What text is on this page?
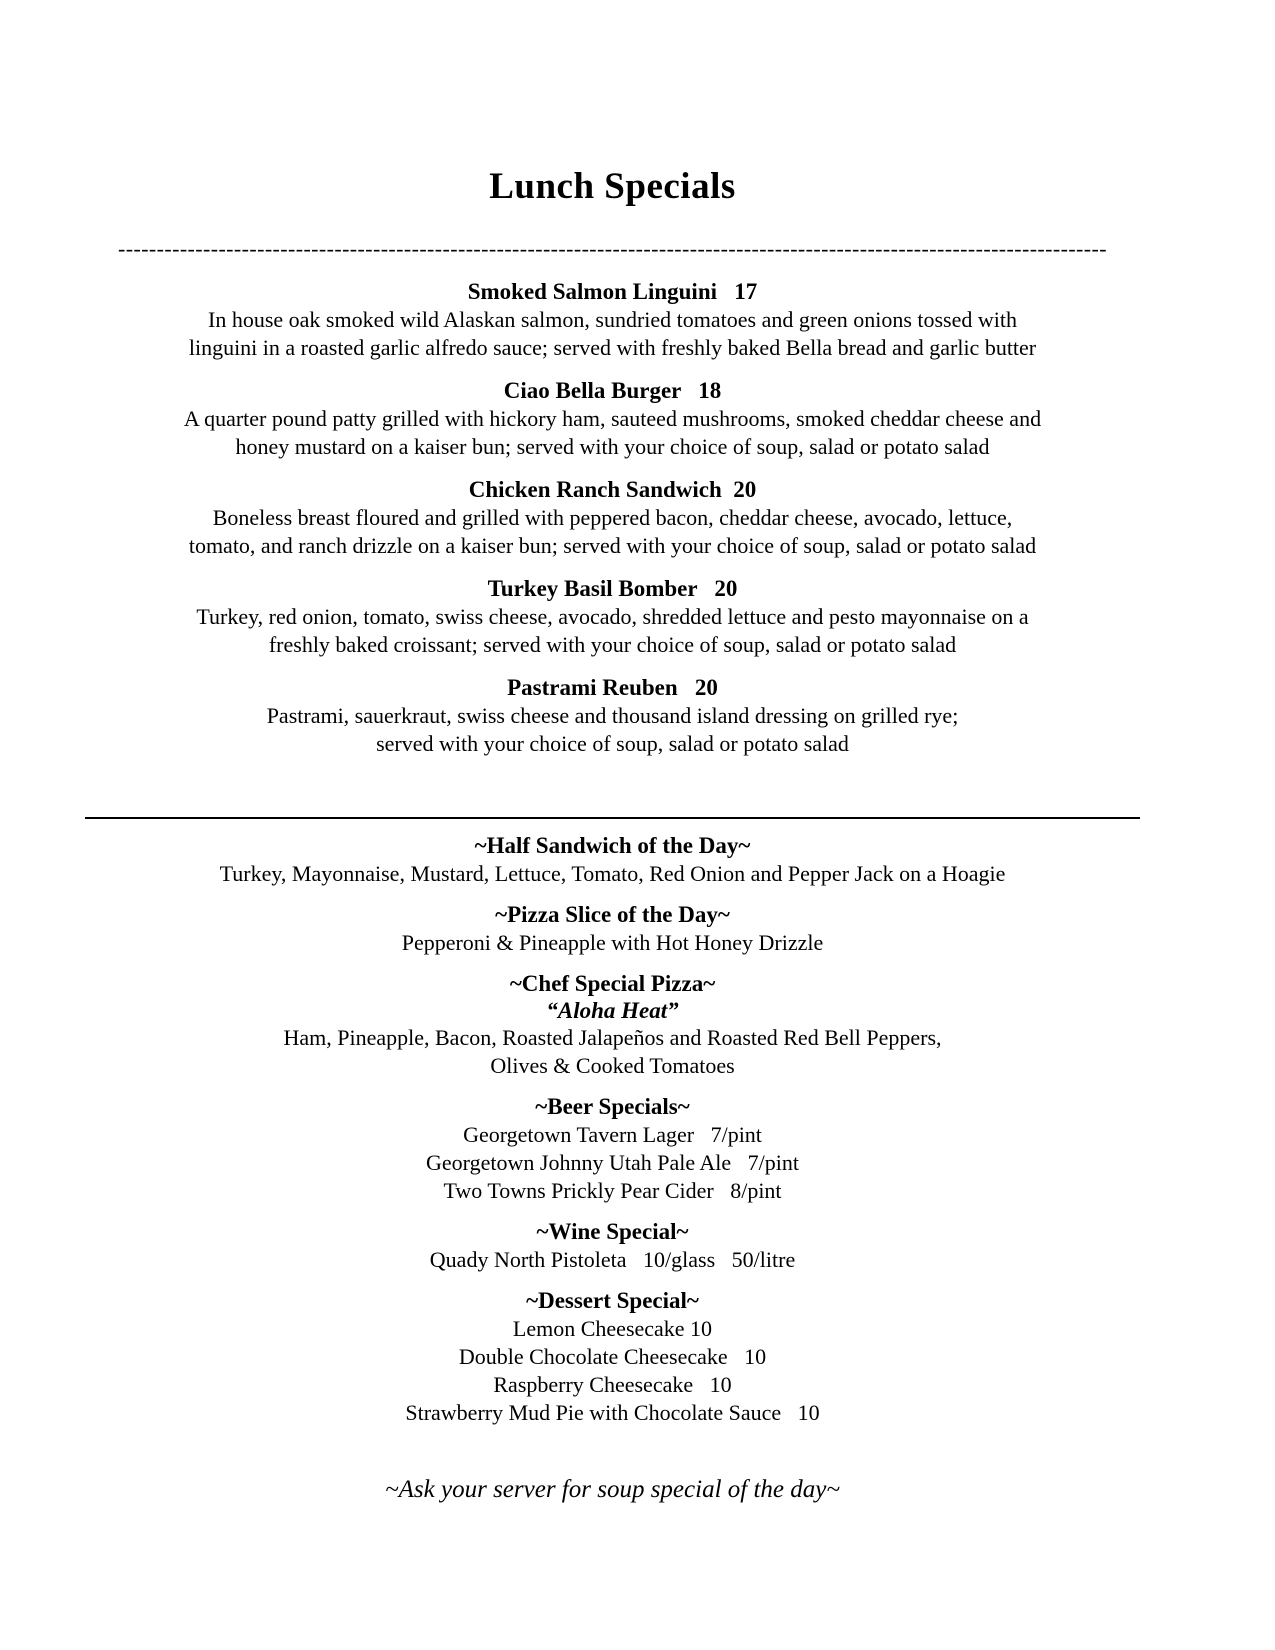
Lunch Specials
--------------------------------------------------------------------------------------------------------------------------------
Smoked Salmon Linguini   17
In house oak smoked wild Alaskan salmon, sundried tomatoes and green onions tossed with
linguini in a roasted garlic alfredo sauce; served with freshly baked Bella bread and garlic butter
Ciao Bella Burger   18
A quarter pound patty grilled with hickory ham, sauteed mushrooms, smoked cheddar cheese and
honey mustard on a kaiser bun; served with your choice of soup, salad or potato salad
Chicken Ranch Sandwich  20
Boneless breast floured and grilled with peppered bacon, cheddar cheese, avocado, lettuce,
tomato, and ranch drizzle on a kaiser bun; served with your choice of soup, salad or potato salad
Turkey Basil Bomber   20
Turkey, red onion, tomato, swiss cheese, avocado, shredded lettuce and pesto mayonnaise on a
freshly baked croissant; served with your choice of soup, salad or potato salad
Pastrami Reuben   20
Pastrami, sauerkraut, swiss cheese and thousand island dressing on grilled rye;
served with your choice of soup, salad or potato salad
~Half Sandwich of the Day~
Turkey, Mayonnaise, Mustard, Lettuce, Tomato, Red Onion and Pepper Jack on a Hoagie
~Pizza Slice of the Day~
Pepperoni & Pineapple with Hot Honey Drizzle
~Chef Special Pizza~
“Aloha Heat”
Ham, Pineapple, Bacon, Roasted Jalapeños and Roasted Red Bell Peppers,
Olives & Cooked Tomatoes
~Beer Specials~
Georgetown Tavern Lager   7/pint
Georgetown Johnny Utah Pale Ale   7/pint
Two Towns Prickly Pear Cider   8/pint
~Wine Special~
Quady North Pistoleta   10/glass   50/litre
~Dessert Special~
Lemon Cheesecake 10
Double Chocolate Cheesecake   10
Raspberry Cheesecake   10
Strawberry Mud Pie with Chocolate Sauce   10
~Ask your server for soup special of the day~
